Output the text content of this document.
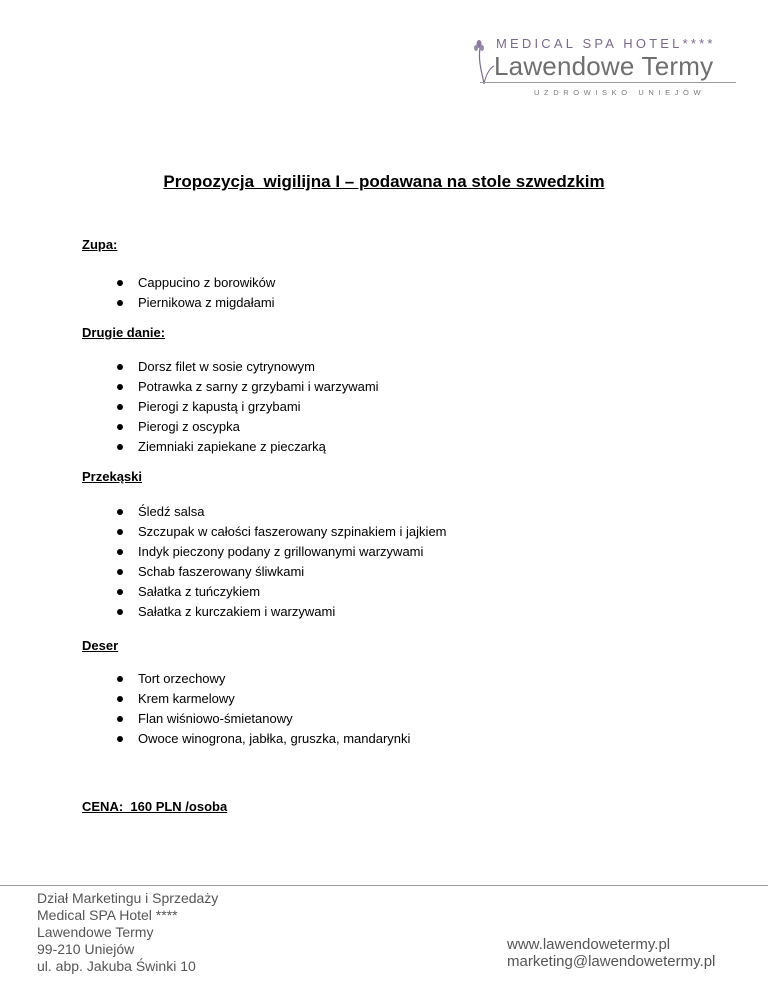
MEDICAL SPA HOTEL****
Lawendowe Termy
UZDROWISKO UNIEJÓW
Propozycja  wigilijna I – podawana na stole szwedzkim
Zupa:
Cappucino z borowików
Piernikowa z migdałami
Drugie danie:
Dorsz filet w sosie cytrynowym
Potrawka z sarny z grzybami i warzywami
Pierogi z kapustą i grzybami
Pierogi z oscypka
Ziemniaki zapiekane z pieczarką
Przekąski
Śledź salsa
Szczupak w całości faszerowany szpinakiem i jajkiem
Indyk pieczony podany z grillowanymi warzywami
Schab faszerowany śliwkami
Sałatka z tuńczykiem
Sałatka z kurczakiem i warzywami
Deser
Tort orzechowy
Krem karmelowy
Flan wiśniowo-śmietanowy
Owoce winogrona, jabłka, gruszka, mandarynki
CENA:  160 PLN /osoba
Dział Marketingu i Sprzedaży
Medical SPA Hotel ****
Lawendowe Termy
99-210 Uniejów
ul. abp. Jakuba Świnki 10
www.lawendowetermy.pl
marketing@lawendowetermy.pl
